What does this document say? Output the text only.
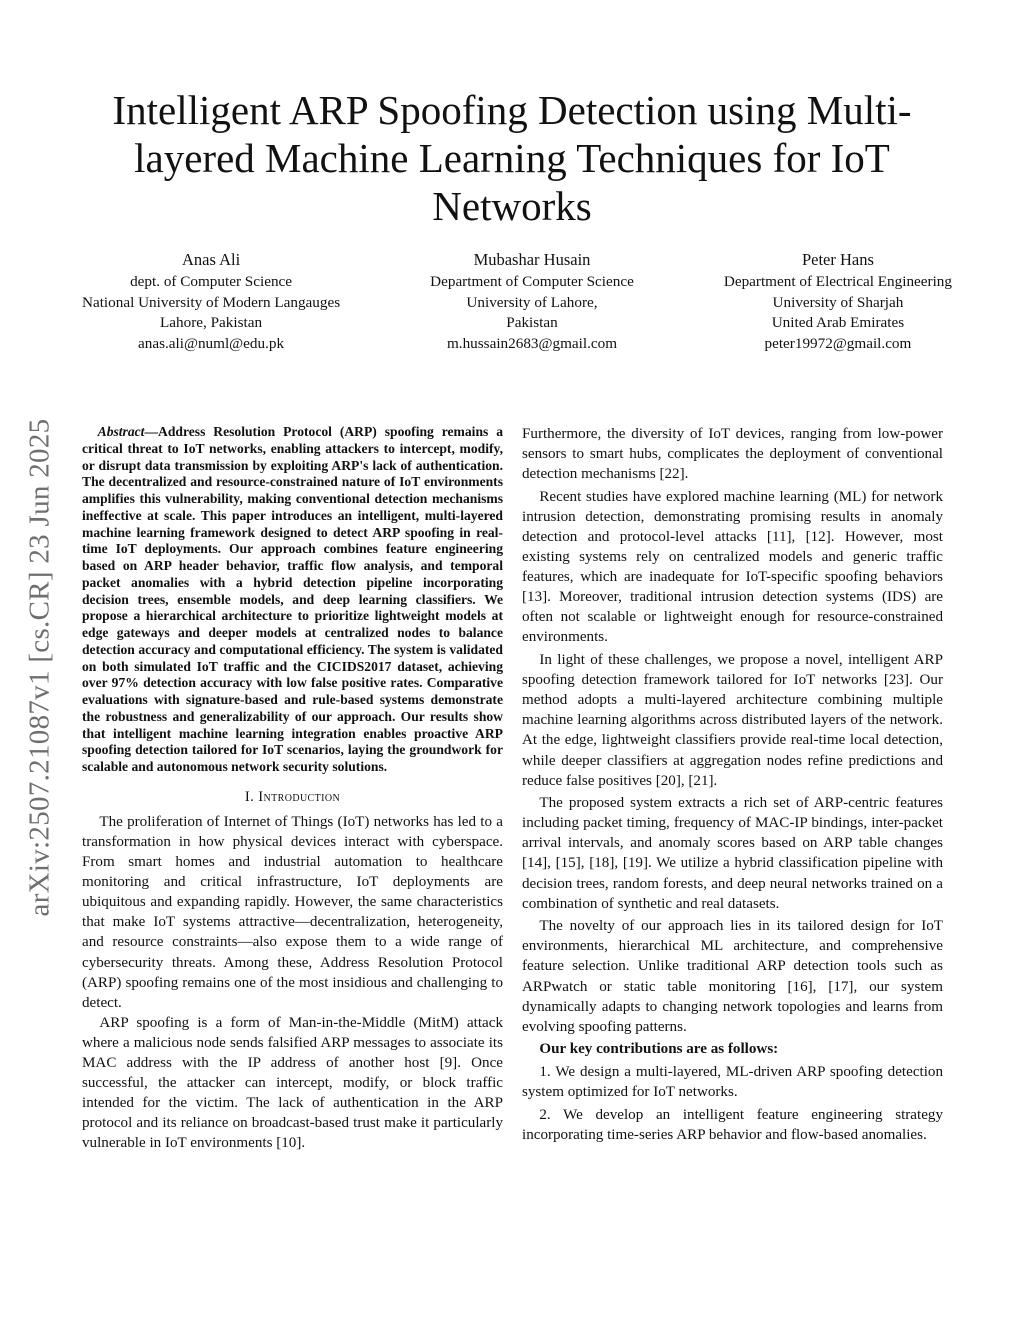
arXiv:2507.21087v1 [cs.CR] 23 Jun 2025
Intelligent ARP Spoofing Detection using Multi-layered Machine Learning Techniques for IoT Networks
Anas Ali
dept. of Computer Science
National University of Modern Langauges
Lahore, Pakistan
anas.ali@numl@edu.pk
Mubashar Husain
Department of Computer Science
University of Lahore,
Pakistan
m.hussain2683@gmail.com
Peter Hans
Department of Electrical Engineering
University of Sharjah
United Arab Emirates
peter19972@gmail.com

Abstract—Address Resolution Protocol (ARP) spoofing remains a critical threat to IoT networks, enabling attackers to intercept, modify, or disrupt data transmission by exploiting ARP's lack of authentication. The decentralized and resource-constrained nature of IoT environments amplifies this vulnerability, making conventional detection mechanisms ineffective at scale. This paper introduces an intelligent, multi-layered machine learning framework designed to detect ARP spoofing in real-time IoT deployments. Our approach combines feature engineering based on ARP header behavior, traffic flow analysis, and temporal packet anomalies with a hybrid detection pipeline incorporating decision trees, ensemble models, and deep learning classifiers. We propose a hierarchical architecture to prioritize lightweight models at edge gateways and deeper models at centralized nodes to balance detection accuracy and computational efficiency. The system is validated on both simulated IoT traffic and the CICIDS2017 dataset, achieving over 97% detection accuracy with low false positive rates. Comparative evaluations with signature-based and rule-based systems demonstrate the robustness and generalizability of our approach. Our results show that intelligent machine learning integration enables proactive ARP spoofing detection tailored for IoT scenarios, laying the groundwork for scalable and autonomous network security solutions.

I. Introduction

The proliferation of Internet of Things (IoT) networks has led to a transformation in how physical devices interact with cyberspace. From smart homes and industrial automation to healthcare monitoring and critical infrastructure, IoT deployments are ubiquitous and expanding rapidly. However, the same characteristics that make IoT systems attractive—decentralization, heterogeneity, and resource constraints—also expose them to a wide range of cybersecurity threats. Among these, Address Resolution Protocol (ARP) spoofing remains one of the most insidious and challenging to detect.

ARP spoofing is a form of Man-in-the-Middle (MitM) attack where a malicious node sends falsified ARP messages to associate its MAC address with the IP address of another host [9]. Once successful, the attacker can intercept, modify, or block traffic intended for the victim. The lack of authentication in the ARP protocol and its reliance on broadcast-based trust make it particularly vulnerable in IoT environments [10].

Furthermore, the diversity of IoT devices, ranging from low-power sensors to smart hubs, complicates the deployment of conventional detection mechanisms [22].

Recent studies have explored machine learning (ML) for network intrusion detection, demonstrating promising results in anomaly detection and protocol-level attacks [11], [12]. However, most existing systems rely on centralized models and generic traffic features, which are inadequate for IoT-specific spoofing behaviors [13]. Moreover, traditional intrusion detection systems (IDS) are often not scalable or lightweight enough for resource-constrained environments.

In light of these challenges, we propose a novel, intelligent ARP spoofing detection framework tailored for IoT networks [23]. Our method adopts a multi-layered architecture combining multiple machine learning algorithms across distributed layers of the network. At the edge, lightweight classifiers provide real-time local detection, while deeper classifiers at aggregation nodes refine predictions and reduce false positives [20], [21].

The proposed system extracts a rich set of ARP-centric features including packet timing, frequency of MAC-IP bindings, inter-packet arrival intervals, and anomaly scores based on ARP table changes [14], [15], [18], [19]. We utilize a hybrid classification pipeline with decision trees, random forests, and deep neural networks trained on a combination of synthetic and real datasets.

The novelty of our approach lies in its tailored design for IoT environments, hierarchical ML architecture, and comprehensive feature selection. Unlike traditional ARP detection tools such as ARPwatch or static table monitoring [16], [17], our system dynamically adapts to changing network topologies and learns from evolving spoofing patterns.

Our key contributions are as follows:

1. We design a multi-layered, ML-driven ARP spoofing detection system optimized for IoT networks.

2. We develop an intelligent feature engineering strategy incorporating time-series ARP behavior and flow-based anomalies.
